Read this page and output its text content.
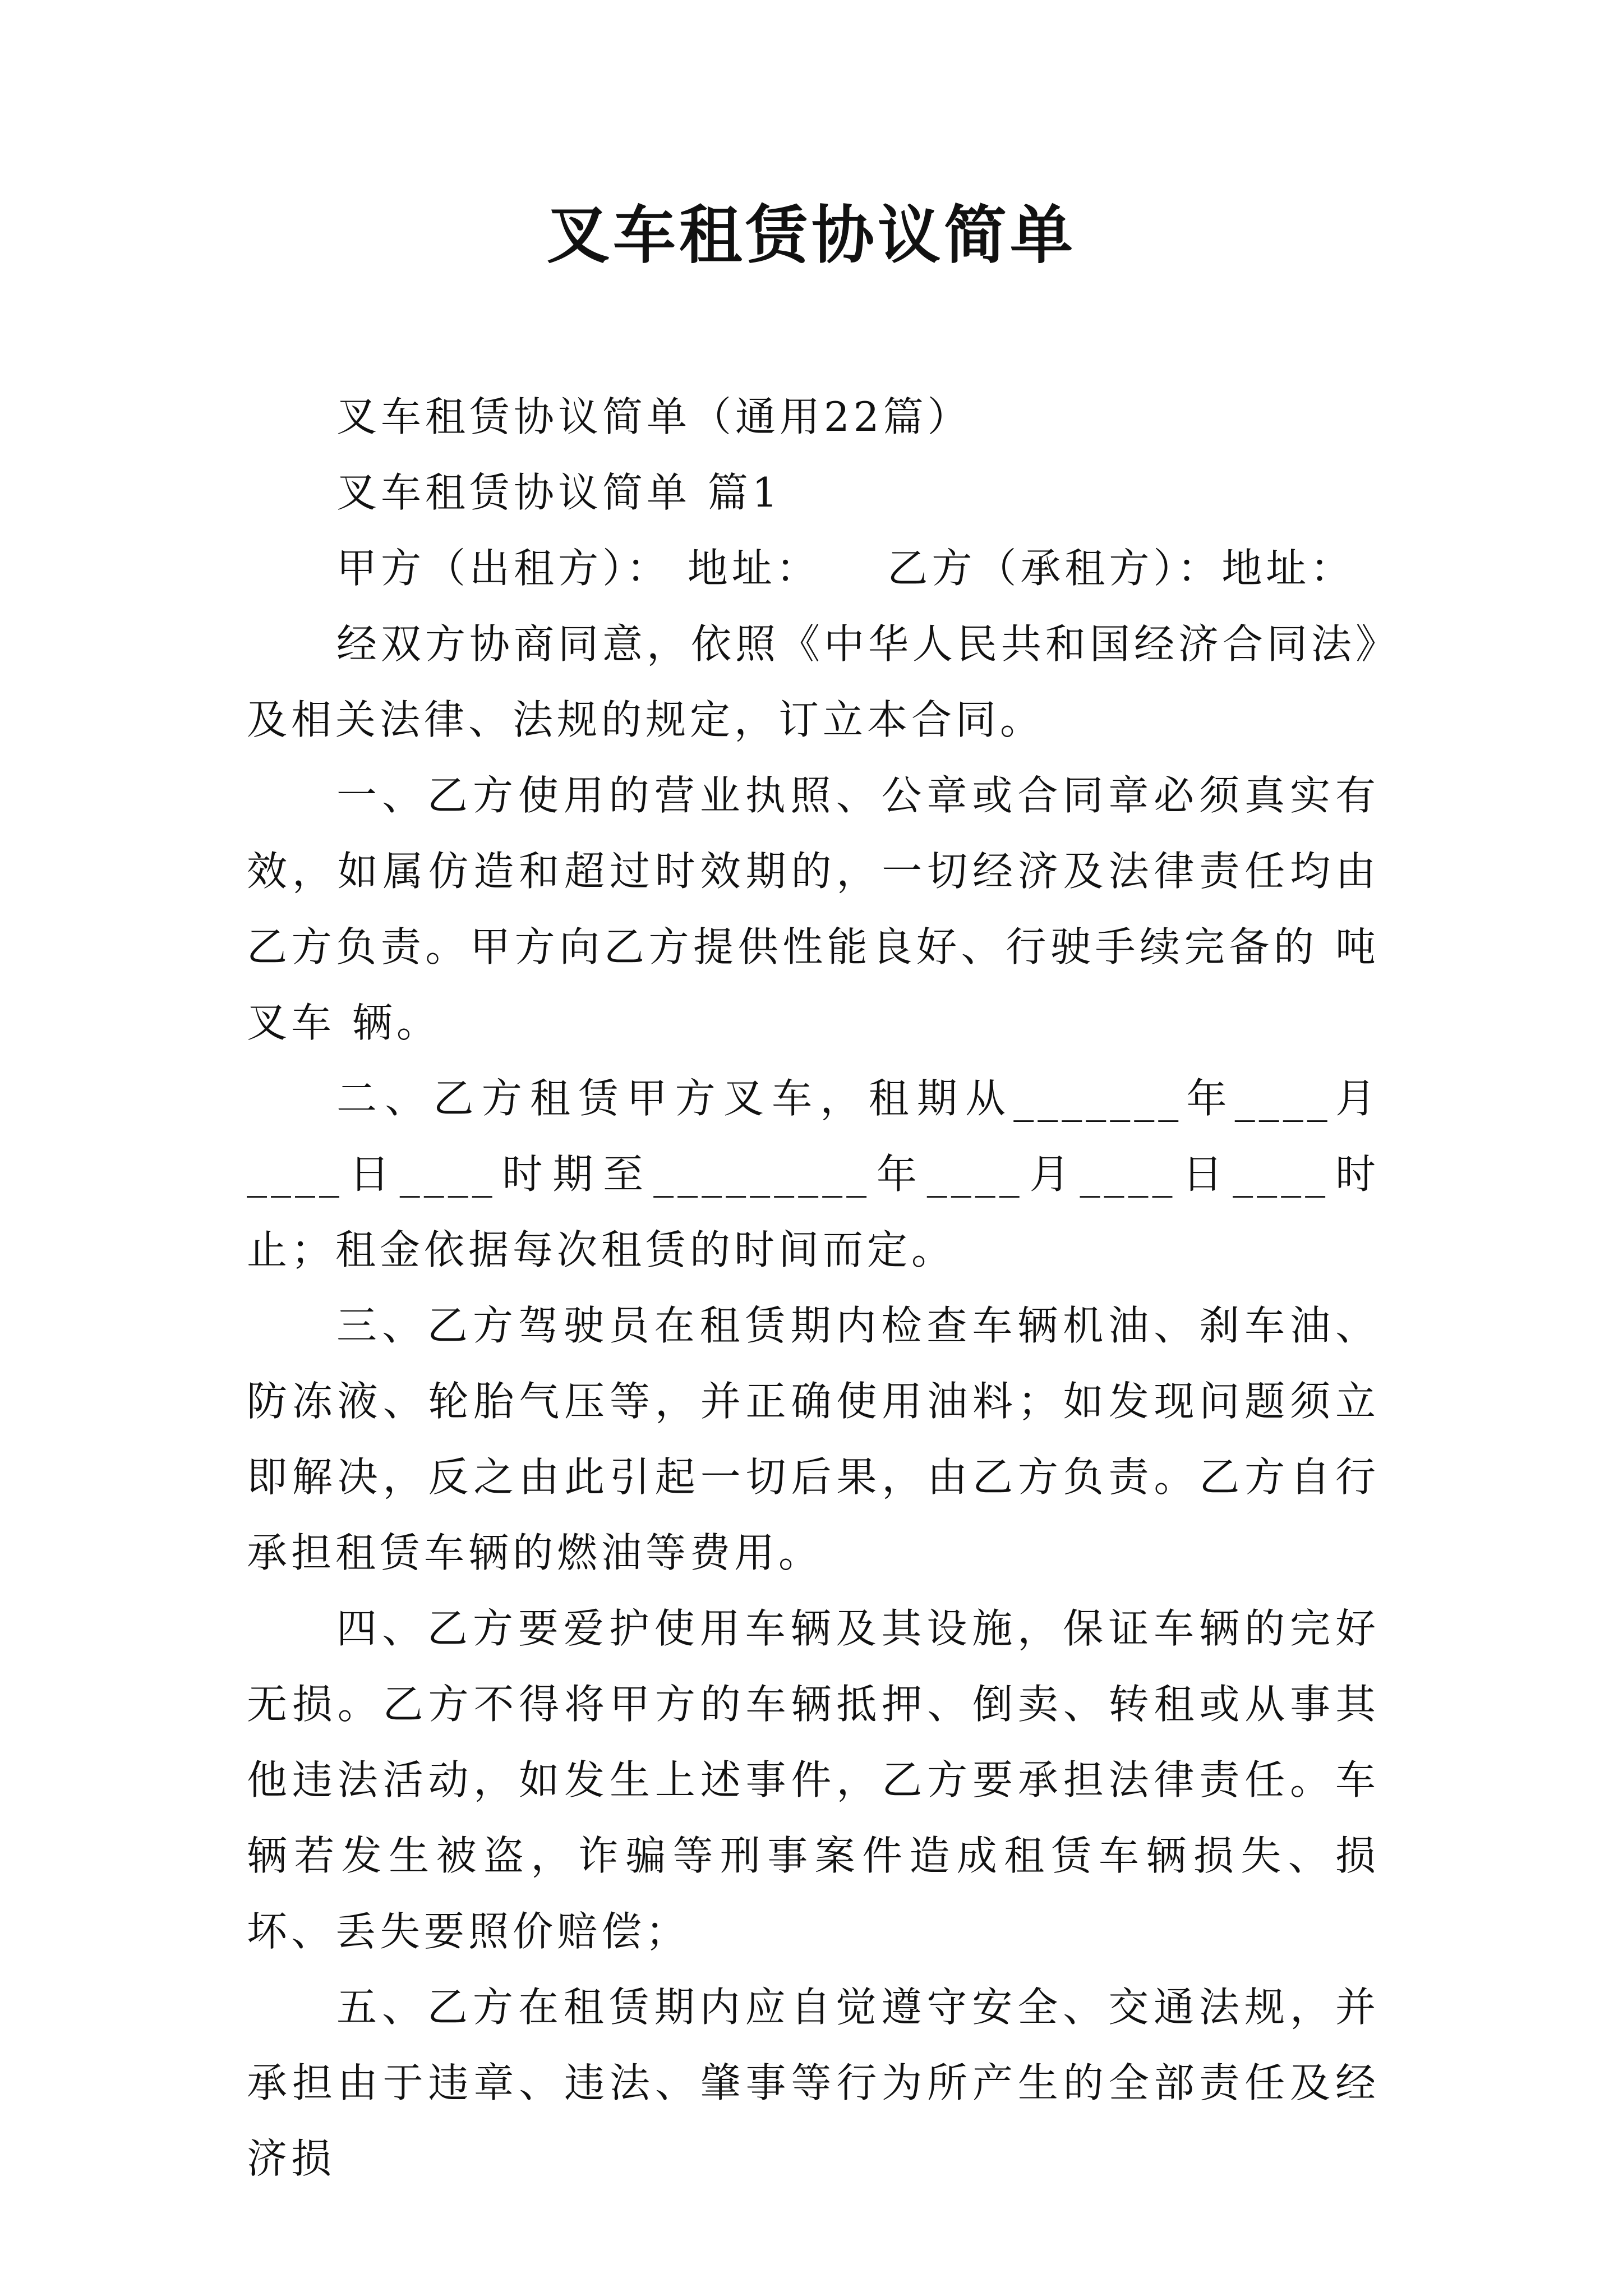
叉车租赁协议简单

叉车租赁协议简单（通用22篇）

叉车租赁协议简单 篇1

甲方（出租方）： 地址：    乙方（承租方）：地址：

经双方协商同意，依照《中华人民共和国经济合同法》及相关法律、法规的规定，订立本合同。

一、乙方使用的营业执照、公章或合同章必须真实有效，如属仿造和超过时效期的，一切经济及法律责任均由乙方负责。甲方向乙方提供性能良好、行驶手续完备的 吨叉车 辆。

二、乙方租赁甲方叉车，租期从_______年____月____日____时期至_________年____月____日____时止；租金依据每次租赁的时间而定。

三、乙方驾驶员在租赁期内检查车辆机油、刹车油、防冻液、轮胎气压等，并正确使用油料；如发现问题须立即解决，反之由此引起一切后果，由乙方负责。乙方自行承担租赁车辆的燃油等费用。

四、乙方要爱护使用车辆及其设施，保证车辆的完好无损。乙方不得将甲方的车辆抵押、倒卖、转租或从事其他违法活动，如发生上述事件，乙方要承担法律责任。车辆若发生被盗，诈骗等刑事案件造成租赁车辆损失、损坏、丢失要照价赔偿；

五、乙方在租赁期内应自觉遵守安全、交通法规，并承担由于违章、违法、肇事等行为所产生的全部责任及经济损
